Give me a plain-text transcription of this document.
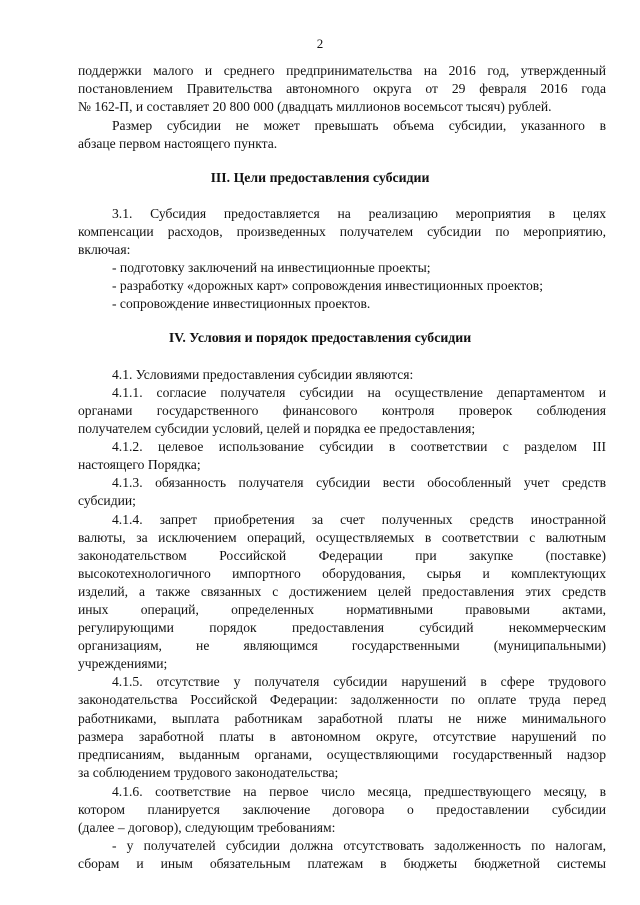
2
поддержки малого и среднего предпринимательства на 2016 год, утвержденный
постановлением Правительства автономного округа от 29 февраля 2016 года
№ 162-П, и составляет 20 800 000 (двадцать миллионов восемьсот тысяч) рублей.
Размер субсидии не может превышать объема субсидии, указанного в
абзаце первом настоящего пункта.
III. Цели предоставления субсидии
3.1. Субсидия предоставляется на реализацию мероприятия в целях
компенсации расходов, произведенных получателем субсидии по мероприятию,
включая:
- подготовку заключений на инвестиционные проекты;
- разработку «дорожных карт» сопровождения инвестиционных проектов;
- сопровождение инвестиционных проектов.
IV. Условия и порядок предоставления субсидии
4.1. Условиями предоставления субсидии являются:
4.1.1. согласие получателя субсидии на осуществление департаментом и
органами государственного финансового контроля проверок соблюдения
получателем субсидии условий, целей и порядка ее предоставления;
4.1.2. целевое использование субсидии в соответствии с разделом III
настоящего Порядка;
4.1.3. обязанность получателя субсидии вести обособленный учет средств
субсидии;
4.1.4. запрет приобретения за счет полученных средств иностранной
валюты, за исключением операций, осуществляемых в соответствии с валютным
законодательством Российской Федерации при закупке (поставке)
высокотехнологичного импортного оборудования, сырья и комплектующих
изделий, а также связанных с достижением целей предоставления этих средств
иных операций, определенных нормативными правовыми актами,
регулирующими порядок предоставления субсидий некоммерческим
организациям, не являющимся государственными (муниципальными)
учреждениями;
4.1.5. отсутствие у получателя субсидии нарушений в сфере трудового
законодательства Российской Федерации: задолженности по оплате труда перед
работниками, выплата работникам заработной платы не ниже минимального
размера заработной платы в автономном округе, отсутствие нарушений по
предписаниям, выданным органами, осуществляющими государственный надзор
за соблюдением трудового законодательства;
4.1.6. соответствие на первое число месяца, предшествующего месяцу, в
котором планируется заключение договора о предоставлении субсидии
(далее – договор), следующим требованиям:
- у получателей субсидии должна отсутствовать задолженность по налогам,
сборам и иным обязательным платежам в бюджеты бюджетной системы
